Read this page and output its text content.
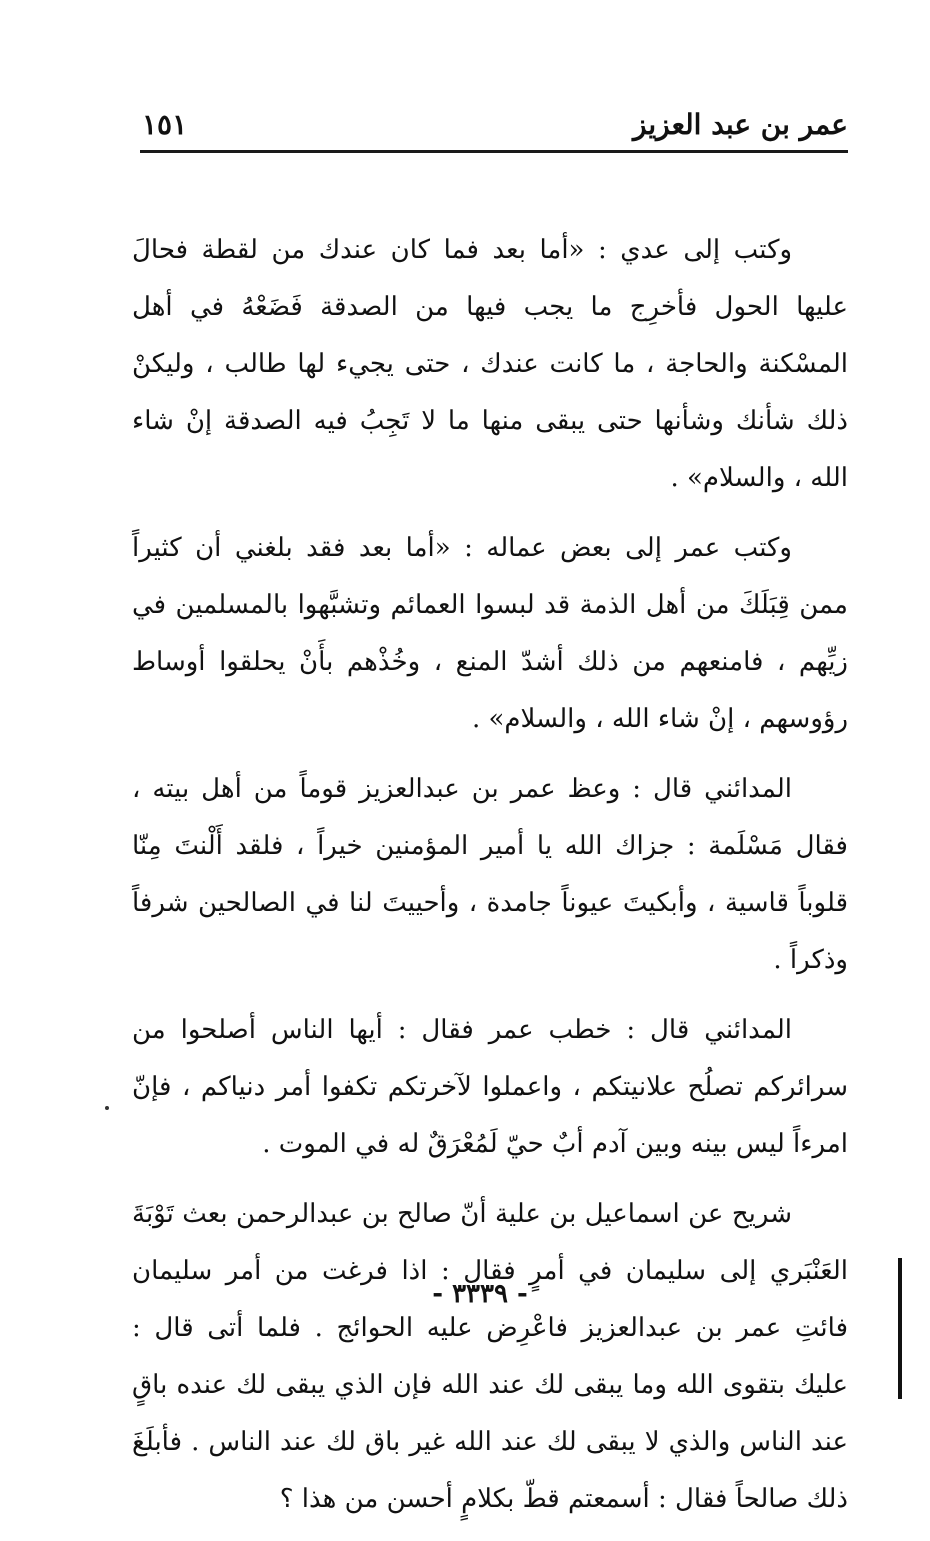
عمر بن عبد العزيز
١٥١

وكتب إلى عدي : «أما بعد فما كان عندك من لقطة فحالَ عليها الحول فأخرِج ما يجب فيها من الصدقة فَضَعْهُ في أهل المسْكنة والحاجة ، ما كانت عندك ، حتى يجيء لها طالب ، وليكنْ ذلك شأنك وشأنها حتى يبقى منها ما لا تَجِبُ فيه الصدقة إنْ شاء الله ، والسلام» .

وكتب عمر إلى بعض عماله : «أما بعد فقد بلغني أن كثيراً ممن قِبَلَكَ من أهل الذمة قد لبسوا العمائم وتشبَّهوا بالمسلمين في زيِّهم ، فامنعهم من ذلك أشدّ المنع ، وخُذْهم بأَنْ يحلقوا أوساط رؤوسهم ، إنْ شاء الله ، والسلام» .

المدائني قال : وعظ عمر بن عبدالعزيز قوماً من أهل بيته ، فقال مَسْلَمة : جزاك الله يا أمير المؤمنين خيراً ، فلقد أَلْنتَ مِنّا قلوباً قاسية ، وأبكيتَ عيوناً جامدة ، وأحييتَ لنا في الصالحين شرفاً وذكراً .

المدائني قال : خطب عمر فقال : أيها الناس أصلحوا من سرائركم تصلُح علانيتكم ، واعملوا لآخرتكم تكفوا أمر دنياكم ، فإنّ امرءاً ليس بينه وبين آدم أبٌ حيّ لَمُعْرَقٌ له في الموت .

شريح عن اسماعيل بن علية أنّ صالح بن عبدالرحمن بعث تَوْبَةَ العَنْبَري إلى سليمان في أمرٍ فقال : اذا فرغت من أمر سليمان فائتِ عمر بن عبدالعزيز فاعْرِض عليه الحوائج . فلما أتى قال : عليك بتقوى الله وما يبقى لك عند الله فإن الذي يبقى لك عنده باقٍ عند الناس والذي لا يبقى لك عند الله غير باق لك عند الناس . فأبلَغَ ذلك صالحاً فقال : أسمعتم قطّ بكلامٍ أحسن من هذا ؟

- ٣٣٣٩ -
